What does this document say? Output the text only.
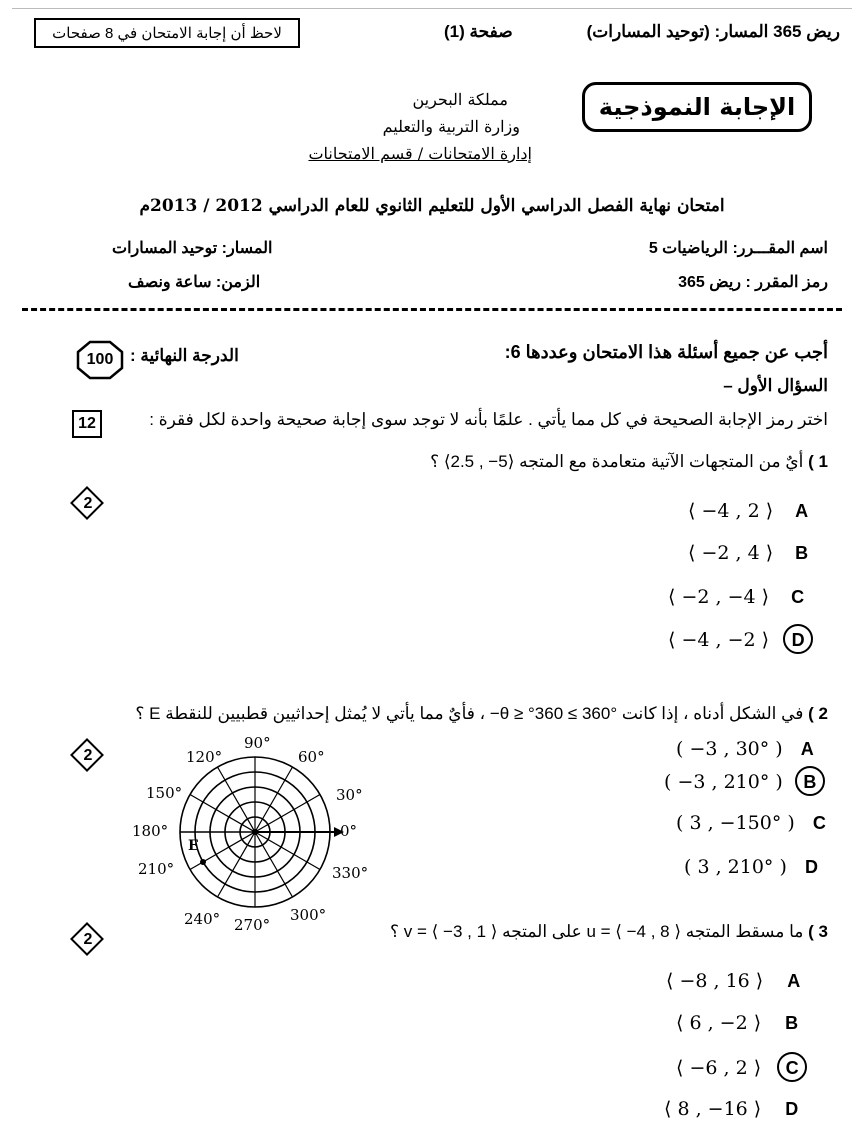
لاحظ أن إجابة الامتحان في 8 صفحات	صفحة (1)	ريض 365 المسار: (توحيد المسارات)
الإجابة النموذجية
مملكة البحرين
وزارة التربية والتعليم
إدارة الامتحانات / قسم الامتحانات
امتحان نهاية الفصل الدراسي الأول للتعليم الثانوي للعام الدراسي 2012 / 2013م
اسم المقـــرر: الرياضيات 5
المسار: توحيد المسارات
رمز المقرر : ريض 365
الزمن: ساعة ونصف
أجب عن جميع أسئلة هذا الامتحان وعددها 6:
الدرجة النهائية :
100
السؤال الأول –
اختر رمز الإجابة الصحيحة في كل مما يأتي . علمًا بأنه لا توجد سوى إجابة صحيحة واحدة لكل فقرة :
12
1 ) أيٌ من المتجهات الآتية متعامدة مع المتجه ⟨5− , 2.5⟩ ؟
2	⟨ −4 , 2 ⟩ A
⟨ −2 , 4 ⟩ B
⟨ −2 , −4 ⟩ C
⟨ −4 , −2 ⟩ D
2 ) في الشكل أدناه ، إذا كانت °360 ≥ θ ≥ °360− ، فأيٌ مما يأتي لا يُمثل إحداثيين قطبيين للنقطة E ؟
2
90°
60°
120°
30°
150°
0°
180°
330°
210°
300°
240° 270°
E
( −3 , 30° ) A
( −3 , 210° ) B
( 3 , −150° ) C
( 3 , 210° ) D
3 ) ما مسقط المتجه u = ⟨ −4 , 8 ⟩ على المتجه v = ⟨ −3 , 1 ⟩ ؟
2
⟨ −8 , 16 ⟩ A
⟨ 6 , −2 ⟩ B
⟨ −6 , 2 ⟩ C
⟨ 8 , −16 ⟩ D
